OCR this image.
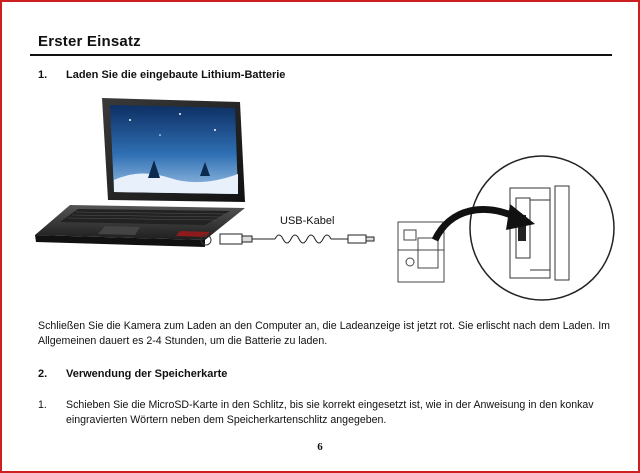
Erster Einsatz
1. Laden Sie die eingebaute Lithium-Batterie
USB-Kabel
Schließen Sie die Kamera zum Laden an den Computer an, die Ladeanzeige ist jetzt rot. Sie erlischt nach dem Laden. Im Allgemeinen dauert es 2-4 Stunden, um die Batterie zu laden.
2. Verwendung der Speicherkarte
1. Schieben Sie die MicroSD-Karte in den Schlitz, bis sie korrekt eingesetzt ist, wie in der Anweisung in den konkav eingravierten Wörtern neben dem Speicherkartenschlitz angegeben.
6
